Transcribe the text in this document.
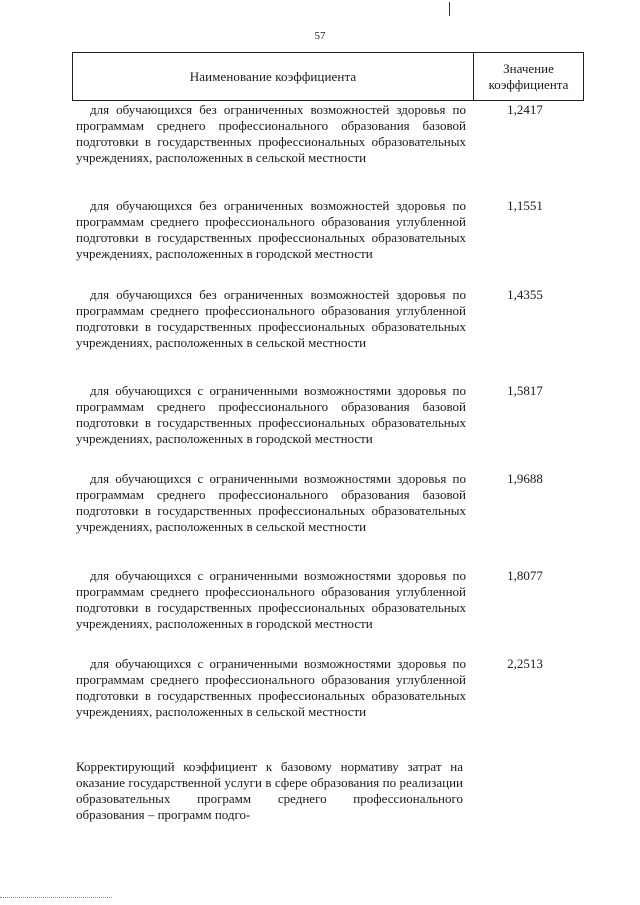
57
Наименование коэффициента	Значение коэффициента
для обучающихся без ограниченных возможностей здоровья по программам среднего профессионального образования базовой подготовки в государственных профессиональных образовательных учреждениях, расположенных в сельской местности
1,2417
для обучающихся без ограниченных возможностей здоровья по программам среднего профессионального образования углубленной подготовки в государственных профессиональных образовательных учреждениях, расположенных в городской местности
1,1551
для обучающихся без ограниченных возможностей здоровья по программам среднего профессионального образования углубленной подготовки в государственных профессиональных образовательных учреждениях, расположенных в сельской местности
1,4355
для обучающихся с ограниченными возможностями здоровья по программам среднего профессионального образования базовой подготовки в государственных профессиональных образовательных учреждениях, расположенных в городской местности
1,5817
для обучающихся с ограниченными возможностями здоровья по программам среднего профессионального образования базовой подготовки в государственных профессиональных образовательных учреждениях, расположенных в сельской местности
1,9688
для обучающихся с ограниченными возможностями здоровья по программам среднего профессионального образования углубленной подготовки в государственных профессиональных образовательных учреждениях, расположенных в городской местности
1,8077
для обучающихся с ограниченными возможностями здоровья по программам среднего профессионального образования углубленной подготовки в государственных профессиональных образовательных учреждениях, расположенных в сельской местности
2,2513
Корректирующий коэффициент к базовому нормативу затрат на оказание государственной услуги в сфере образования по реализации образовательных программ среднего профессионального образования – программ подго-
